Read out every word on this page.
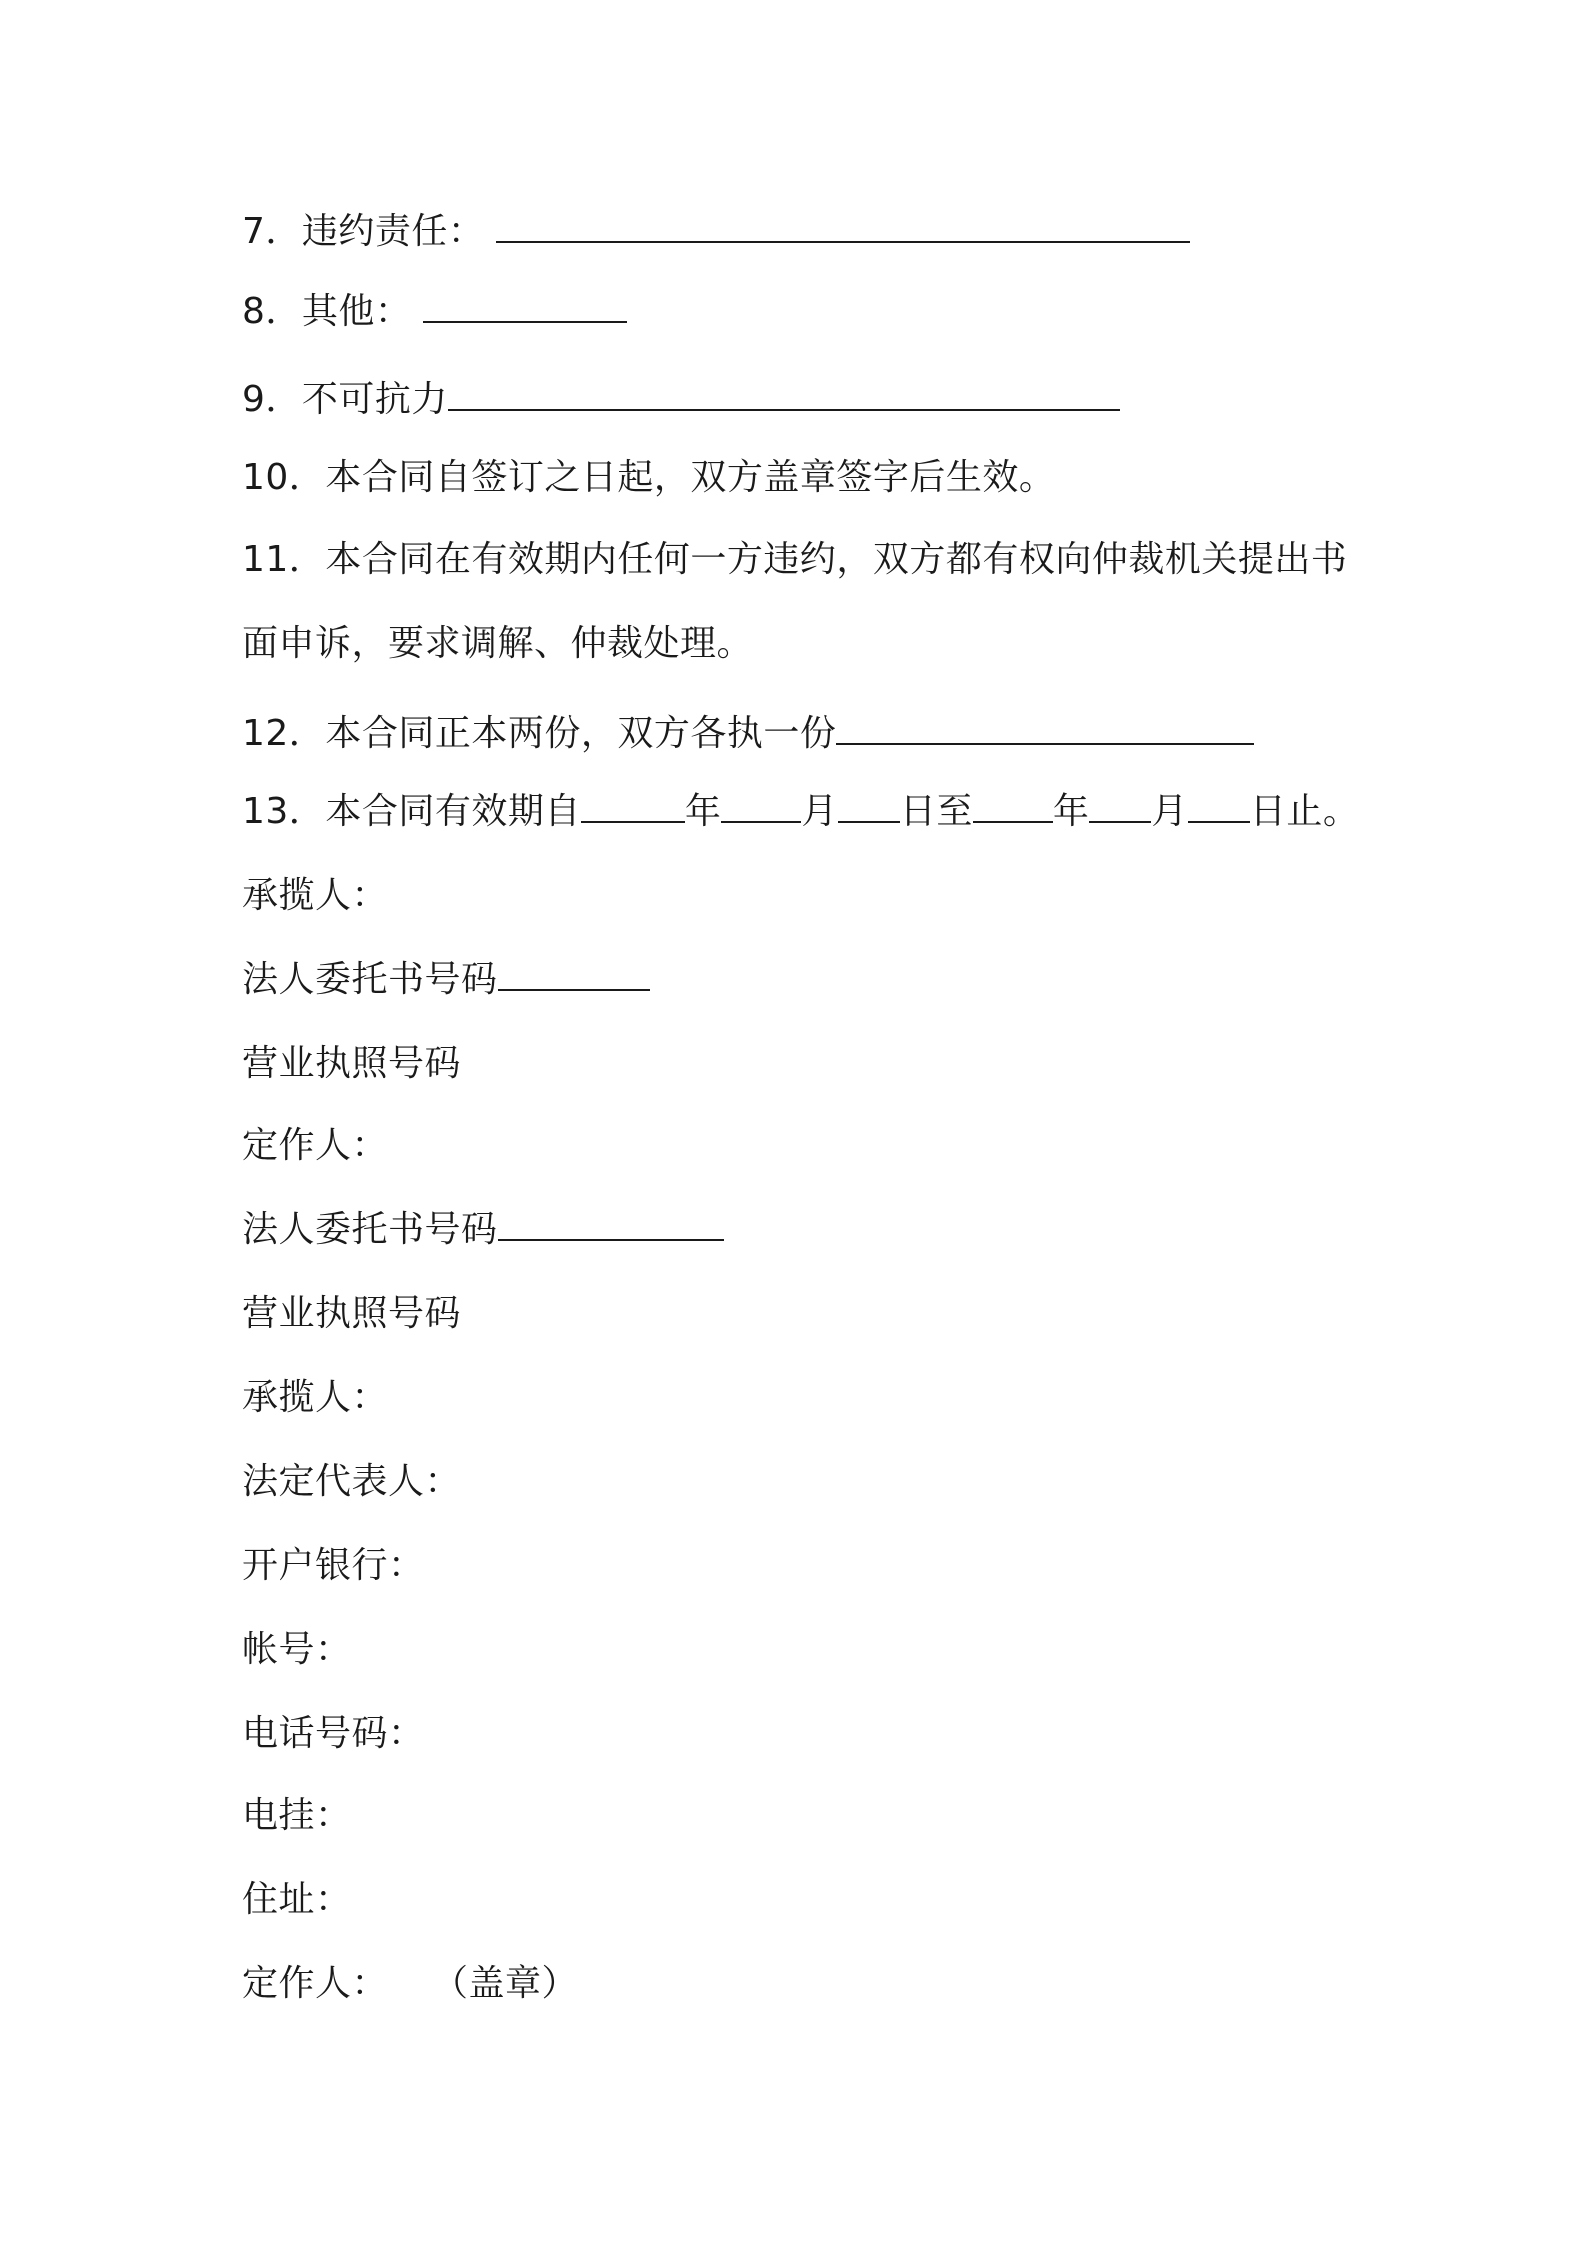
7．违约责任：
8．其他：
9．不可抗力
10．本合同自签订之日起，双方盖章签字后生效。
11．本合同在有效期内任何一方违约，双方都有权向仲裁机关提出书
面申诉，要求调解、仲裁处理。
12．本合同正本两份，双方各执一份
13．本合同有效期自	年 月 日至 年 月 日止。
承揽人：
法人委托书号码
营业执照号码
定作人：
法人委托书号码
营业执照号码
承揽人：
法定代表人：
开户银行：
帐号：
电话号码：
电挂：
住址：
定作人： （盖章）
